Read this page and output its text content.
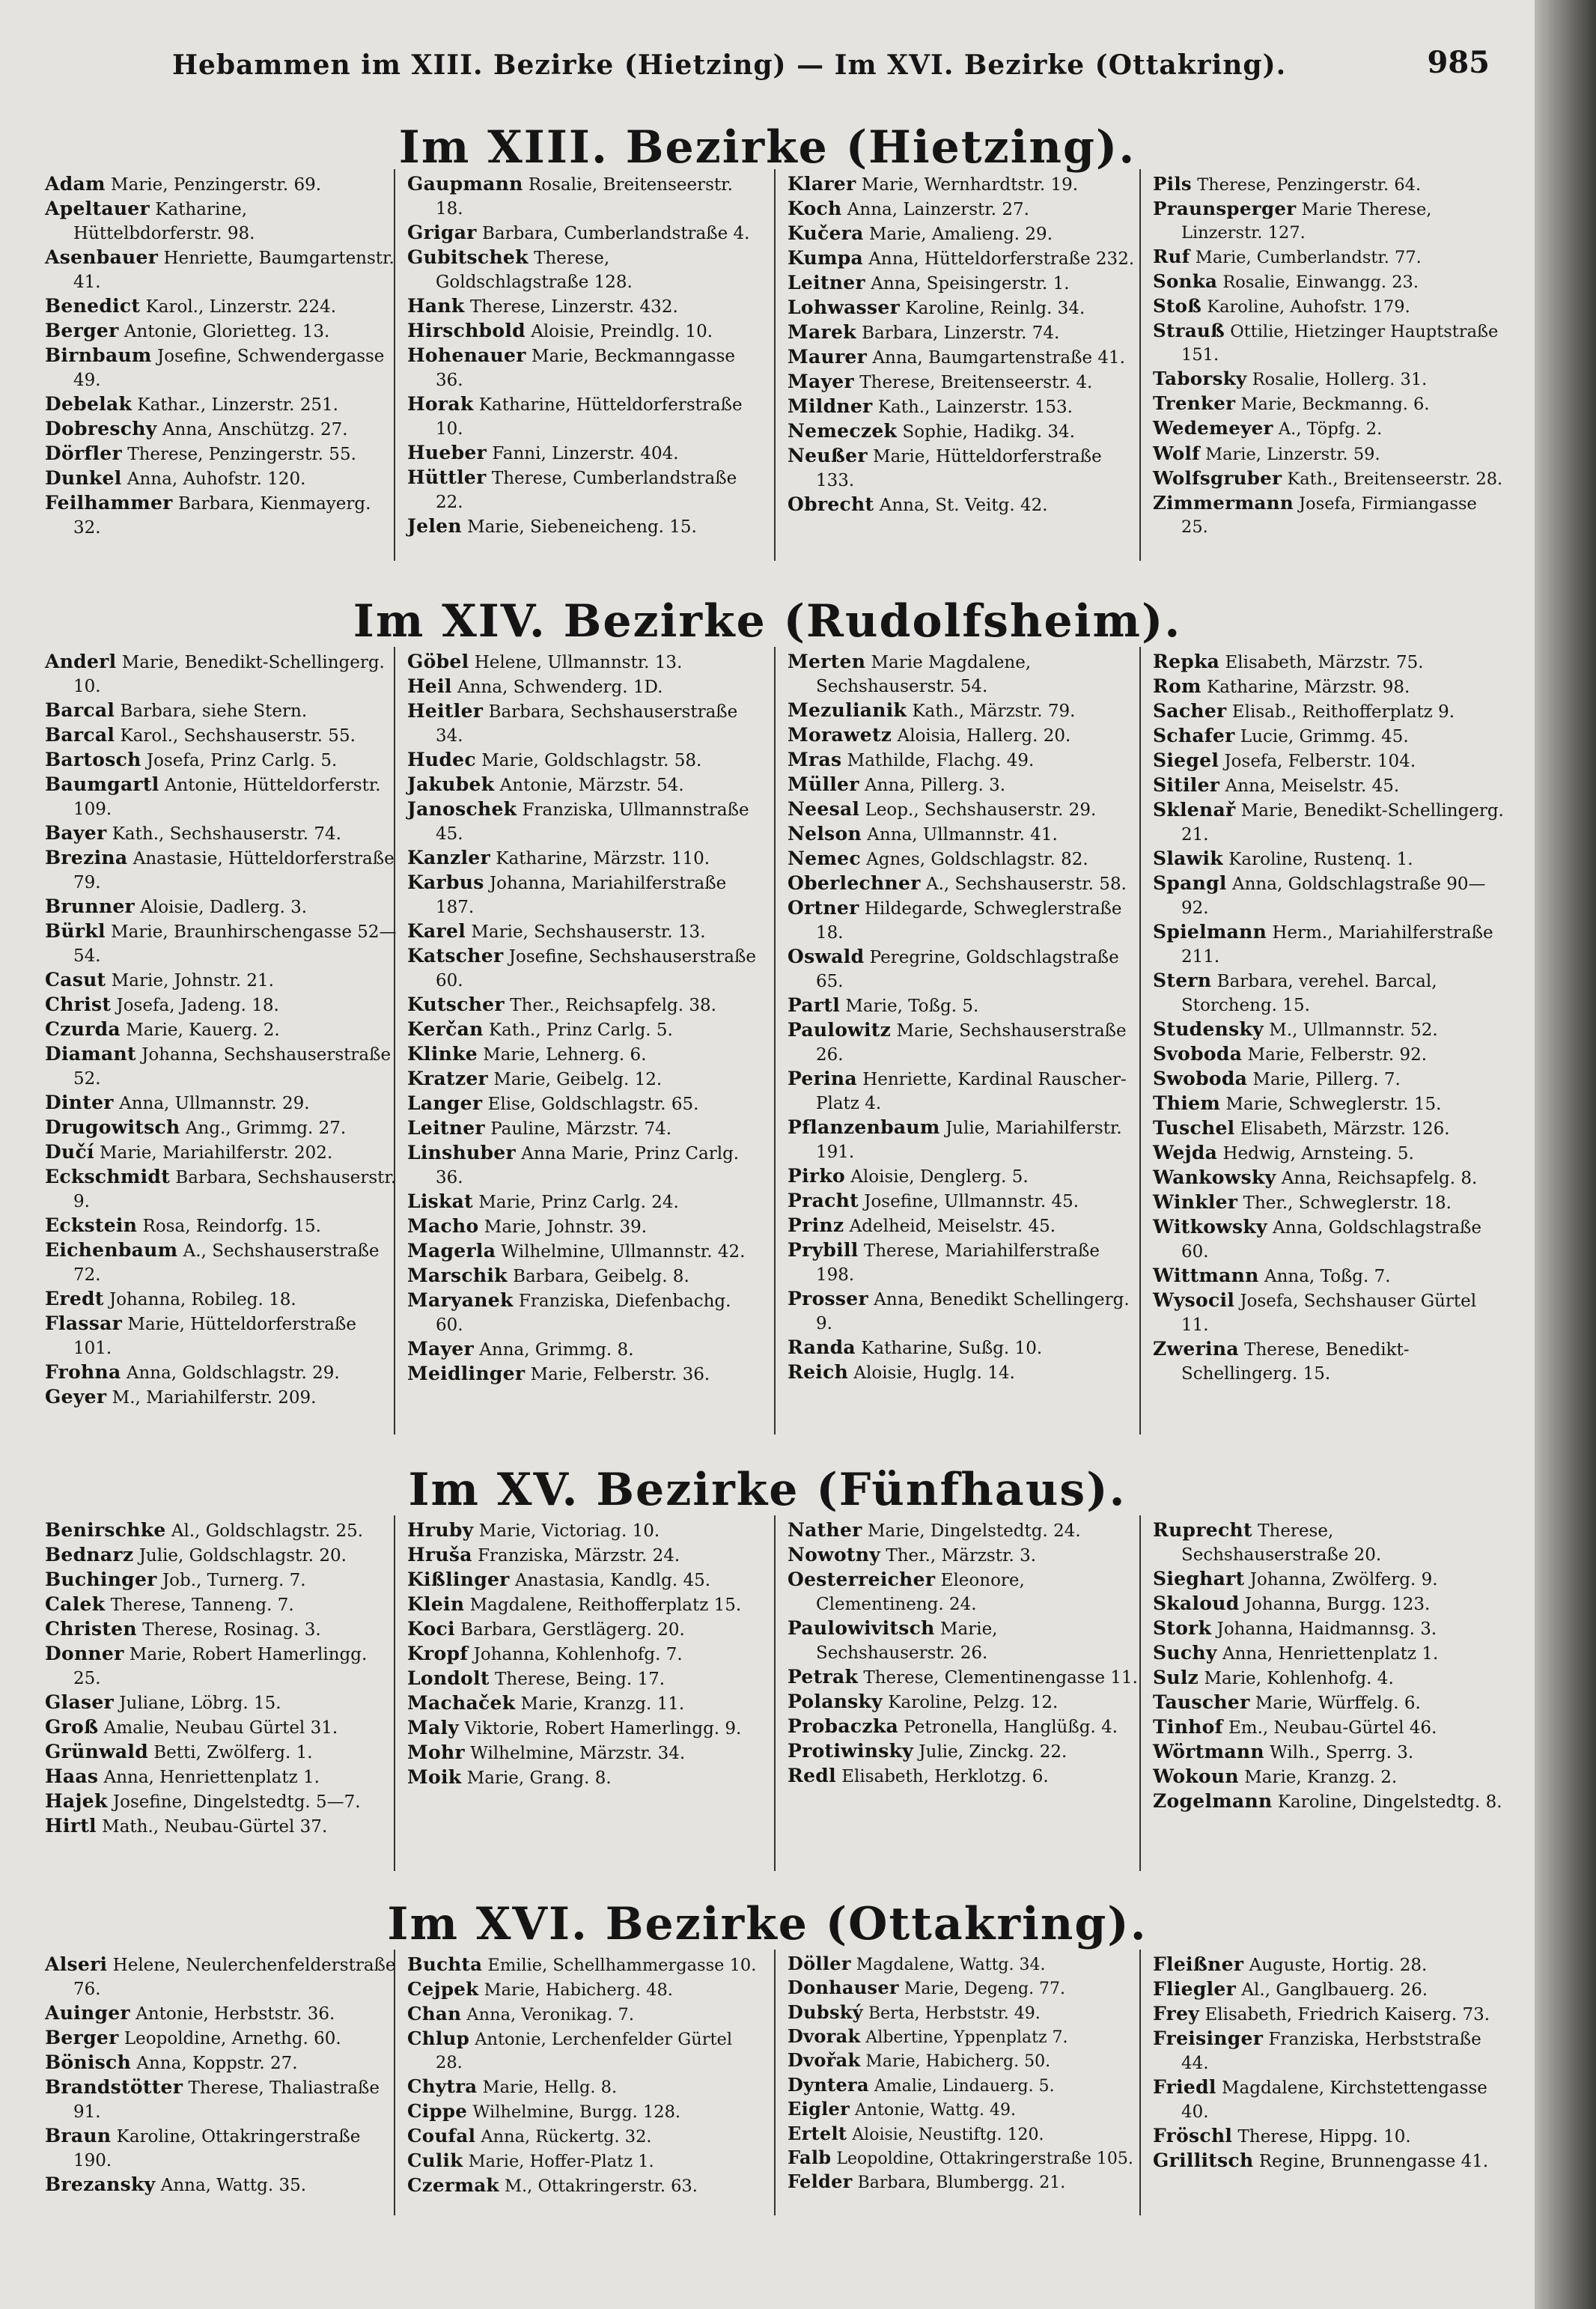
Hebammen im XIII. Bezirke (Hietzing) — Im XVI. Bezirke (Ottakring).	985
Im XIII. Bezirke (Hietzing).
Adam Marie, Penzingerstr. 69.
Apeltauer Katharine, Hüttelbdorferstr. 98.
Asenbauer Henriette, Baumgartenstr. 41.
Benedict Karol., Linzerstr. 224.
Berger Antonie, Glorietteg. 13.
Birnbaum Josefine, Schwendergasse 49.
Debelak Kathar., Linzerstr. 251.
Dobreschy Anna, Anschützg. 27.
Dörfler Therese, Penzingerstr. 55.
Dunkel Anna, Auhofstr. 120.
Feilhammer Barbara, Kienmayerg. 32.
Gaupmann Rosalie, Breitenseerstr. 18.
Grigar Barbara, Cumberlandstraße 4.
Gubitschek Therese, Goldschlagstraße 128.
Hank Therese, Linzerstr. 432.
Hirschbold Aloisie, Preindlg. 10.
Hohenauer Marie, Beckmanngasse 36.
Horak Katharine, Hütteldorferstraße 10.
Hueber Fanni, Linzerstr. 404.
Hüttler Therese, Cumberlandstraße 22.
Jelen Marie, Siebeneicheng. 15.
Klarer Marie, Wernhardtstr. 19.
Koch Anna, Lainzerstr. 27.
Kučera Marie, Amalieng. 29.
Kumpa Anna, Hütteldorferstraße 232.
Leitner Anna, Speisingerstr. 1.
Lohwasser Karoline, Reinlg. 34.
Marek Barbara, Linzerstr. 74.
Maurer Anna, Baumgartenstraße 41.
Mayer Therese, Breitenseerstr. 4.
Mildner Kath., Lainzerstr. 153.
Nemeczek Sophie, Hadikg. 34.
Neußer Marie, Hütteldorferstraße 133.
Obrecht Anna, St. Veitg. 42.
Pils Therese, Penzingerstr. 64.
Praunsperger Marie Therese, Linzerstr. 127.
Ruf Marie, Cumberlandstr. 77.
Sonka Rosalie, Einwangg. 23.
Stoß Karoline, Auhofstr. 179.
Strauß Ottilie, Hietzinger Hauptstraße 151.
Taborsky Rosalie, Hollerg. 31.
Trenker Marie, Beckmanng. 6.
Wedemeyer A., Töpfg. 2.
Wolf Marie, Linzerstr. 59.
Wolfsgruber Kath., Breitenseerstr. 28.
Zimmermann Josefa, Firmiangasse 25.
Im XIV. Bezirke (Rudolfsheim).
Anderl Marie, Benedikt-Schellingerg. 10.
Barcal Barbara, siehe Stern.
Barcal Karol., Sechshauserstr. 55.
Bartosch Josefa, Prinz Carlg. 5.
Baumgartl Antonie, Hütteldorferstr. 109.
Bayer Kath., Sechshauserstr. 74.
Brezina Anastasie, Hütteldorferstraße 79.
Brunner Aloisie, Dadlerg. 3.
Bürkl Marie, Braunhirschengasse 52—54.
Casut Marie, Johnstr. 21.
Christ Josefa, Jadeng. 18.
Czurda Marie, Kauerg. 2.
Diamant Johanna, Sechshauserstraße 52.
Dinter Anna, Ullmannstr. 29.
Drugowitsch Ang., Grimmg. 27.
Dučí Marie, Mariahilferstr. 202.
Eckschmidt Barbara, Sechshauserstr. 9.
Eckstein Rosa, Reindorfg. 15.
Eichenbaum A., Sechshauserstraße 72.
Eredt Johanna, Robileg. 18.
Flassar Marie, Hütteldorferstraße 101.
Frohna Anna, Goldschlagstr. 29.
Geyer M., Mariahilferstr. 209.
Göbel Helene, Ullmannstr. 13.
Heil Anna, Schwenderg. 1D.
Heitler Barbara, Sechshauserstraße 34.
Hudec Marie, Goldschlagstr. 58.
Jakubek Antonie, Märzstr. 54.
Janoschek Franziska, Ullmannstraße 45.
Kanzler Katharine, Märzstr. 110.
Karbus Johanna, Mariahilferstraße 187.
Karel Marie, Sechshauserstr. 13.
Katscher Josefine, Sechshauserstraße 60.
Kutscher Ther., Reichsapfelg. 38.
Kerčan Kath., Prinz Carlg. 5.
Klinke Marie, Lehnerg. 6.
Kratzer Marie, Geibelg. 12.
Langer Elise, Goldschlagstr. 65.
Leitner Pauline, Märzstr. 74.
Linshuber Anna Marie, Prinz Carlg. 36.
Liskat Marie, Prinz Carlg. 24.
Macho Marie, Johnstr. 39.
Magerla Wilhelmine, Ullmannstr. 42.
Marschik Barbara, Geibelg. 8.
Maryanek Franziska, Diefenbachg. 60.
Mayer Anna, Grimmg. 8.
Meidlinger Marie, Felberstr. 36.
Merten Marie Magdalene, Sechshauserstr. 54.
Mezulianik Kath., Märzstr. 79.
Morawetz Aloisia, Hallerg. 20.
Mras Mathilde, Flachg. 49.
Müller Anna, Pillerg. 3.
Neesal Leop., Sechshauserstr. 29.
Nelson Anna, Ullmannstr. 41.
Nemec Agnes, Goldschlagstr. 82.
Oberlechner A., Sechshauserstr. 58.
Ortner Hildegarde, Schweglerstraße 18.
Oswald Peregrine, Goldschlagstraße 65.
Partl Marie, Toßg. 5.
Paulowitz Marie, Sechshauserstraße 26.
Perina Henriette, Kardinal Rauscher-Platz 4.
Pflanzenbaum Julie, Mariahilferstr. 191.
Pirko Aloisie, Denglerg. 5.
Pracht Josefine, Ullmannstr. 45.
Prinz Adelheid, Meiselstr. 45.
Prybill Therese, Mariahilferstraße 198.
Prosser Anna, Benedikt Schellingerg. 9.
Randa Katharine, Sußg. 10.
Reich Aloisie, Huglg. 14.
Repka Elisabeth, Märzstr. 75.
Rom Katharine, Märzstr. 98.
Sacher Elisab., Reithofferplatz 9.
Schafer Lucie, Grimmg. 45.
Siegel Josefa, Felberstr. 104.
Sitiler Anna, Meiselstr. 45.
Sklenař Marie, Benedikt-Schellingerg. 21.
Slawik Karoline, Rustenq. 1.
Spangl Anna, Goldschlagstraße 90—92.
Spielmann Herm., Mariahilferstraße 211.
Stern Barbara, verehel. Barcal, Storcheng. 15.
Studensky M., Ullmannstr. 52.
Svoboda Marie, Felberstr. 92.
Swoboda Marie, Pillerg. 7.
Thiem Marie, Schweglerstr. 15.
Tuschel Elisabeth, Märzstr. 126.
Wejda Hedwig, Arnsteing. 5.
Wankowsky Anna, Reichsapfelg. 8.
Winkler Ther., Schweglerstr. 18.
Witkowsky Anna, Goldschlagstraße 60.
Wittmann Anna, Toßg. 7.
Wysocil Josefa, Sechshauser Gürtel 11.
Zwerina Therese, Benedikt-Schellingerg. 15.
Im XV. Bezirke (Fünfhaus).
Benirschke Al., Goldschlagstr. 25.
Bednarz Julie, Goldschlagstr. 20.
Buchinger Job., Turnerg. 7.
Calek Therese, Tanneng. 7.
Christen Therese, Rosinag. 3.
Donner Marie, Robert Hamerlingg. 25.
Glaser Juliane, Löbrg. 15.
Groß Amalie, Neubau Gürtel 31.
Grünwald Betti, Zwölferg. 1.
Haas Anna, Henriettenplatz 1.
Hajek Josefine, Dingelstedtg. 5—7.
Hirtl Math., Neubau-Gürtel 37.
Hruby Marie, Victoriag. 10.
Hruša Franziska, Märzstr. 24.
Kißlinger Anastasia, Kandlg. 45.
Klein Magdalene, Reithofferplatz 15.
Koci Barbara, Gerstlägerg. 20.
Kropf Johanna, Kohlenhofg. 7.
Londolt Therese, Being. 17.
Machaček Marie, Kranzg. 11.
Maly Viktorie, Robert Hamerlingg. 9.
Mohr Wilhelmine, Märzstr. 34.
Moik Marie, Grang. 8.
Nather Marie, Dingelstedtg. 24.
Nowotny Ther., Märzstr. 3.
Oesterreicher Eleonore, Clementineng. 24.
Paulowivitsch Marie, Sechshauserstr. 26.
Petrak Therese, Clementinengasse 11.
Polansky Karoline, Pelzg. 12.
Probaczka Petronella, Hanglüßg. 4.
Protiwinsky Julie, Zinckg. 22.
Redl Elisabeth, Herklotzg. 6.
Ruprecht Therese, Sechshauserstraße 20.
Sieghart Johanna, Zwölferg. 9.
Skaloud Johanna, Burgg. 123.
Stork Johanna, Haidmannsg. 3.
Suchy Anna, Henriettenplatz 1.
Sulz Marie, Kohlenhofg. 4.
Tauscher Marie, Würffelg. 6.
Tinhof Em., Neubau-Gürtel 46.
Wörtmann Wilh., Sperrg. 3.
Wokoun Marie, Kranzg. 2.
Zogelmann Karoline, Dingelstedtg. 8.
Im XVI. Bezirke (Ottakring).
Alseri Helene, Neulerchenfelderstraße 76.
Auinger Antonie, Herbststr. 36.
Berger Leopoldine, Arnethg. 60.
Bönisch Anna, Koppstr. 27.
Brandstötter Therese, Thaliastraße 91.
Braun Karoline, Ottakringerstraße 190.
Brezansky Anna, Wattg. 35.
Buchta Emilie, Schellhammergasse 10.
Cejpek Marie, Habicherg. 48.
Chan Anna, Veronikag. 7.
Chlup Antonie, Lerchenfelder Gürtel 28.
Chytra Marie, Hellg. 8.
Cippe Wilhelmine, Burgg. 128.
Coufal Anna, Rückertg. 32.
Culik Marie, Hoffer-Platz 1.
Czermak M., Ottakringerstr. 63.
Döller Magdalene, Wattg. 34.
Donhauser Marie, Degeng. 77.
Dubský Berta, Herbststr. 49.
Dvorak Albertine, Yppenplatz 7.
Dvořak Marie, Habicherg. 50.
Dyntera Amalie, Lindauerg. 5.
Eigler Antonie, Wattg. 49.
Ertelt Aloisie, Neustiftg. 120.
Falb Leopoldine, Ottakringerstraße 105.
Felder Barbara, Blumbergg. 21.
Fleißner Auguste, Hortig. 28.
Fliegler Al., Ganglbauerg. 26.
Frey Elisabeth, Friedrich Kaiserg. 73.
Freisinger Franziska, Herbststraße 44.
Friedl Magdalene, Kirchstettengasse 40.
Fröschl Therese, Hippg. 10.
Grillitsch Regine, Brunnengasse 41.
